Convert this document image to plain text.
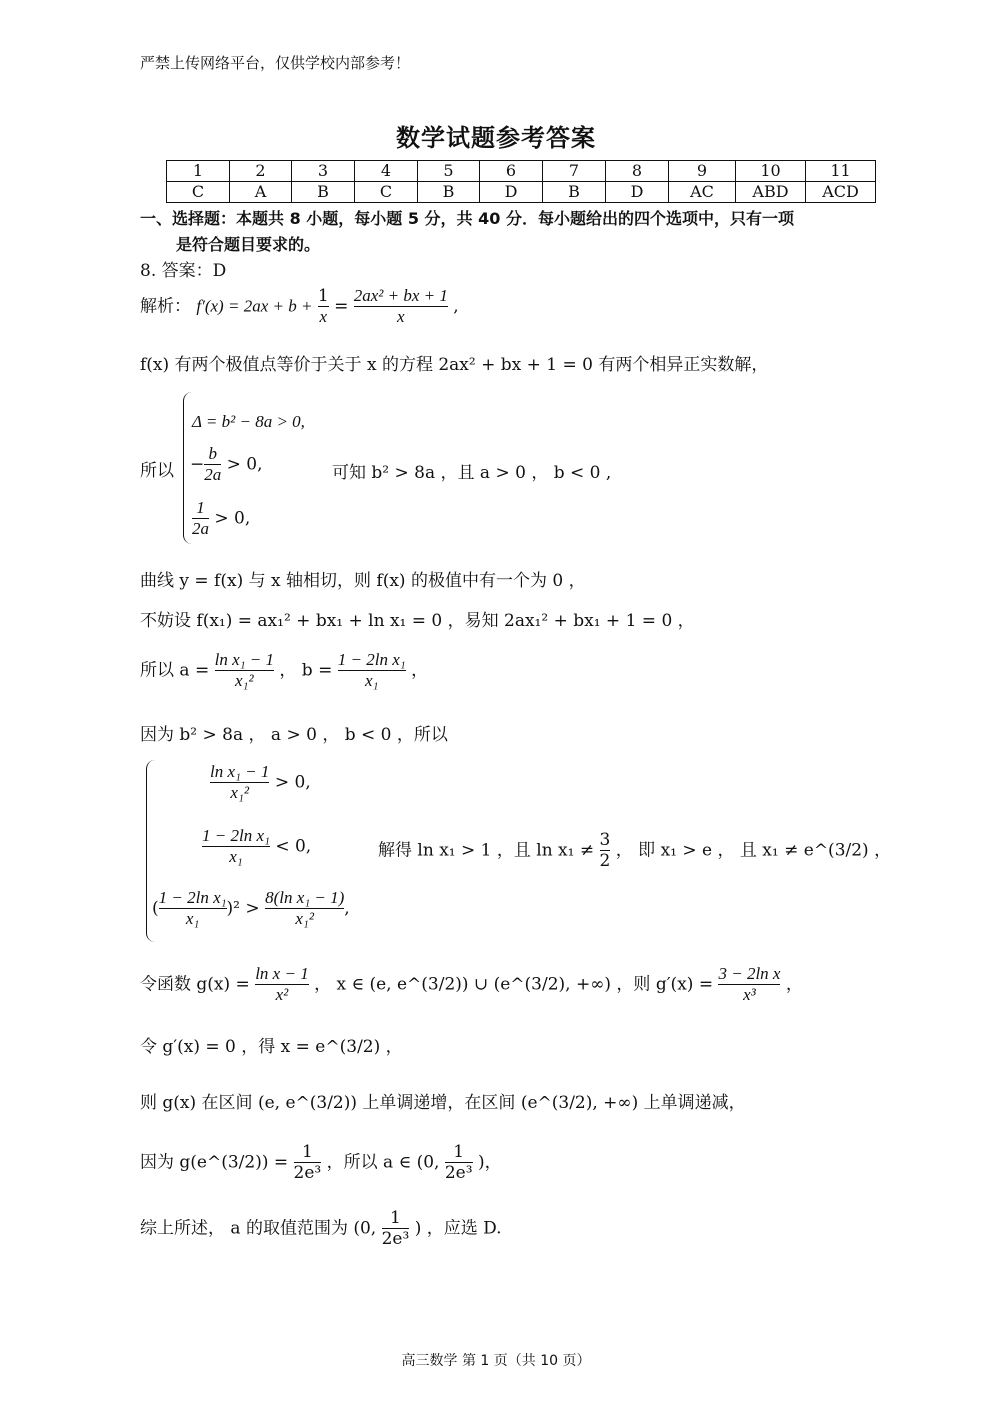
严禁上传网络平台，仅供学校内部参考！
数学试题参考答案
1	2	3	4	5	6	7	8	9	10	11
C	A	B	C	B	D	B	D	AC	ABD	ACD
一、选择题：本题共 8 小题，每小题 5 分，共 40 分．每小题给出的四个选项中，只有一项
是符合题目要求的。
8. 答案：D
解析： $f'(x) = 2ax + b + \frac{1}{x} = \frac{\text{2ax² + bx + 1}}{x}$ ,
f(x) 有两个极值点等价于关于 x 的方程 2ax² + bx + 1 = 0 有两个相异正实数解，
所以
Δ = b² − 8a > 0,
− $\frac{b}{2a} > 0$,
$\frac{1}{2a} > 0$,
可知 b² > 8a ，且 a > 0 ， b < 0 ,
曲线 y = f(x) 与 x 轴相切，则 f(x) 的极值中有一个为 0 ，
不妨设 f(x₁) = ax₁² + bx₁ + ln x₁ = 0 ，易知 2ax₁² + bx₁ + 1 = 0 ，
所以 $a = \frac{\text{ln x₁ − 1}}{\text{x₁²}}$ ， $b = \frac{\text{1 − 2ln x₁}}{\text{x₁}}$ ，
因为 b² > 8a ， a > 0 ， b < 0 ，所以
$\frac{\text{ln x₁ − 1}}{\text{x₁²}} > 0$,
$\frac{\text{1 − 2ln x₁}}{\text{x₁}} < 0$,
( $\frac{\text{1 − 2ln x₁}}{\text{x₁}} )^2 > \frac{\text{8(ln x₁ − 1)}}{\text{x₁²}}$ ,
解得 ln x₁ > 1 ，且 $\ln x_1 \ne \frac{3}{2}$ ， 即 x₁ > e ， 且 x₁ ≠ e^(3/2) ，
令函数 $g(x) = \frac{\text{ln x − 1}}{\text{x²}}$ ， x ∈ (e, e^(3/2)) ∪ (e^(3/2), +∞) ，则 $g'(x) = \frac{\text{3 − 2ln x}}{\text{x³}}$ ，
令 g′(x) = 0 ，得 x = e^(3/2) ，
则 g(x) 在区间 (e, e^(3/2)) 上单调递增，在区间 (e^(3/2), +∞) 上单调递减，
因为 g(e^(3/2)) = $\frac{1}{\text{2e³}}$ ，所以 a ∈ (0, $\frac{1}{\text{2e³}}$ )，
综上所述， a 的取值范围为 (0, $\frac{1}{\text{2e³}}$ ) ，应选 D.
高三数学 第 1 页（共 10 页）
